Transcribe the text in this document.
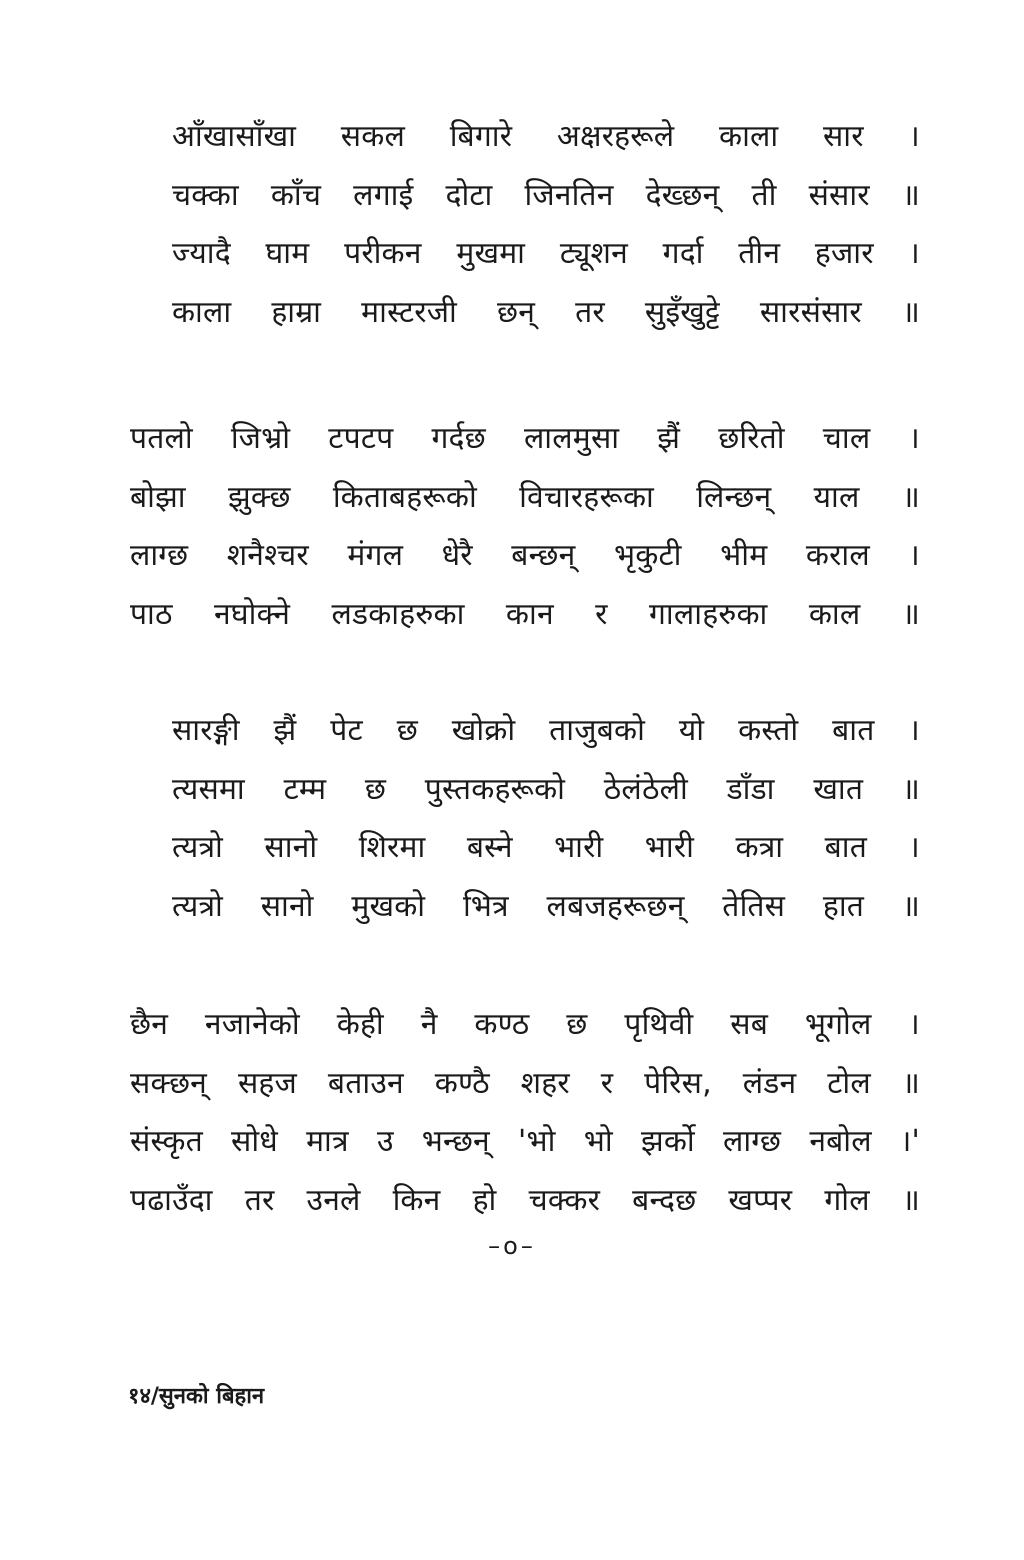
आँखासाँखा सकल बिगारे अक्षरहरूले काला सार ।
चक्का काँच लगाई दोटा जिनतिन देख्छन् ती संसार ॥
ज्यादै घाम परीकन मुखमा ट्यूशन गर्दा तीन हजार ।
काला हाम्रा मास्टरजी छन् तर सुइँखुट्टे सारसंसार ॥
पतलो जिभ्रो टपटप गर्दछ लालमुसा झैं छरितो चाल ।
बोझा झुक्छ किताबहरूको विचारहरूका लिन्छन् याल ॥
लाग्छ शनैश्चर मंगल धेरै बन्छन् भृकुटी भीम कराल ।
पाठ नघोक्ने लडकाहरुका कान र गालाहरुका काल ॥
सारङ्गी झैं पेट छ खोक्रो ताजुबको यो कस्तो बात ।
त्यसमा टम्म छ पुस्तकहरूको ठेलंठेली डाँडा खात ॥
त्यत्रो सानो शिरमा बस्ने भारी भारी कत्रा बात ।
त्यत्रो सानो मुखको भित्र लबजहरूछन् तेतिस हात ॥
छैन नजानेको केही नै कण्ठ छ पृथिवी सब भूगोल ।
सक्छन् सहज बताउन कण्ठै शहर र पेरिस, लंडन टोल ॥
संस्कृत सोधे मात्र उ भन्छन् 'भो भो झर्को लाग्छ नबोल ।'
पढाउँदा तर उनले किन हो चक्कर बन्दछ खप्पर गोल ॥
–o–
१४/सुनको बिहान
